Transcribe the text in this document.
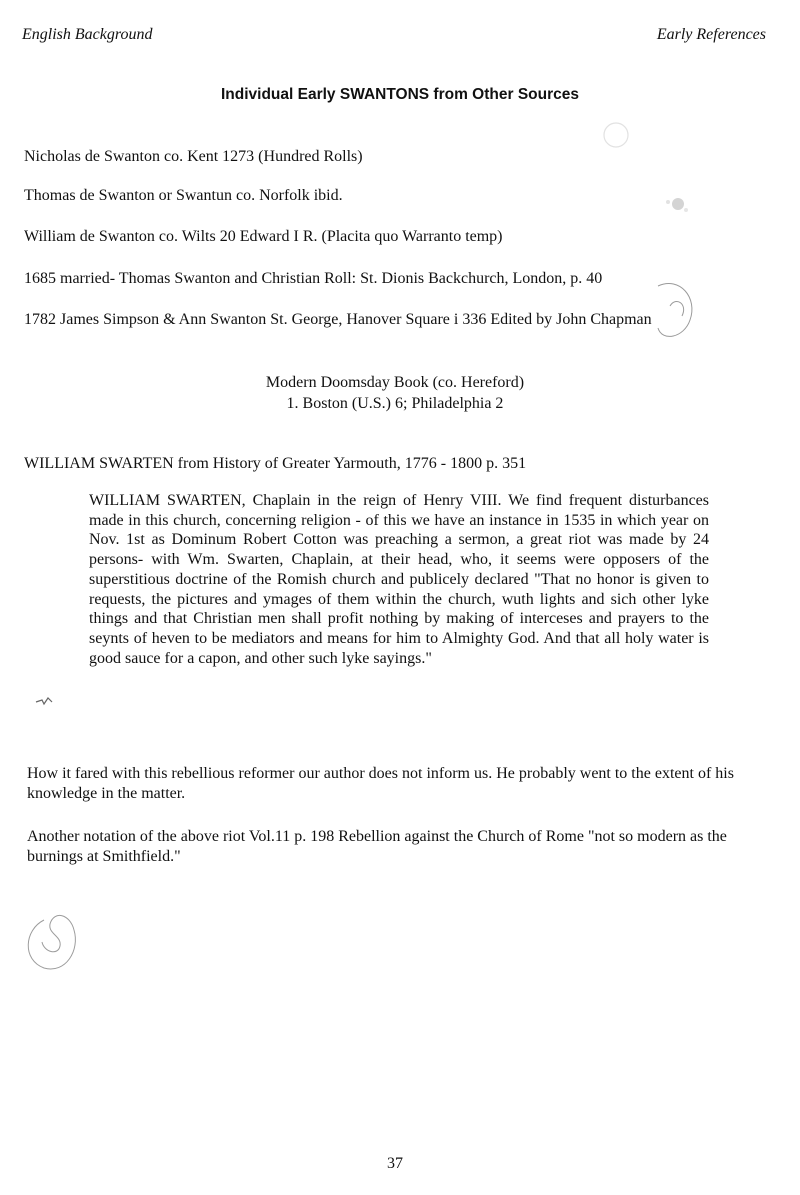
English Background	Early References
Individual Early SWANTONS from Other Sources
Nicholas de Swanton co. Kent 1273 (Hundred Rolls)
Thomas de Swanton or Swantun co. Norfolk ibid.
William de Swanton co. Wilts 20 Edward I R. (Placita quo Warranto temp)
1685 married- Thomas Swanton and Christian Roll: St. Dionis Backchurch, London, p. 40
1782 James Simpson & Ann Swanton St. George, Hanover Square i 336 Edited by John Chapman
Modern Doomsday Book (co. Hereford)
1. Boston (U.S.) 6; Philadelphia 2
WILLIAM SWARTEN from History of Greater Yarmouth, 1776 - 1800 p. 351
WILLIAM SWARTEN, Chaplain in the reign of Henry VIII. We find frequent disturbances made in this church, concerning religion - of this we have an instance in 1535 in which year on Nov. 1st as Dominum Robert Cotton was preaching a sermon, a great riot was made by 24 persons- with Wm. Swarten, Chaplain, at their head, who, it seems were opposers of the superstitious doctrine of the Romish church and publicely declared "That no honor is given to requests, the pictures and ymages of them within the church, wuth lights and sich other lyke things and that Christian men shall profit nothing by making of interceses and prayers to the seynts of heven to be mediators and means for him to Almighty God. And that all holy water is good sauce for a capon, and other such lyke sayings."
How it fared with this rebellious reformer our author does not inform us. He probably went to the extent of his knowledge in the matter.
Another notation of the above riot Vol.11 p. 198 Rebellion against the Church of Rome "not so modern as the burnings at Smithfield."
37
